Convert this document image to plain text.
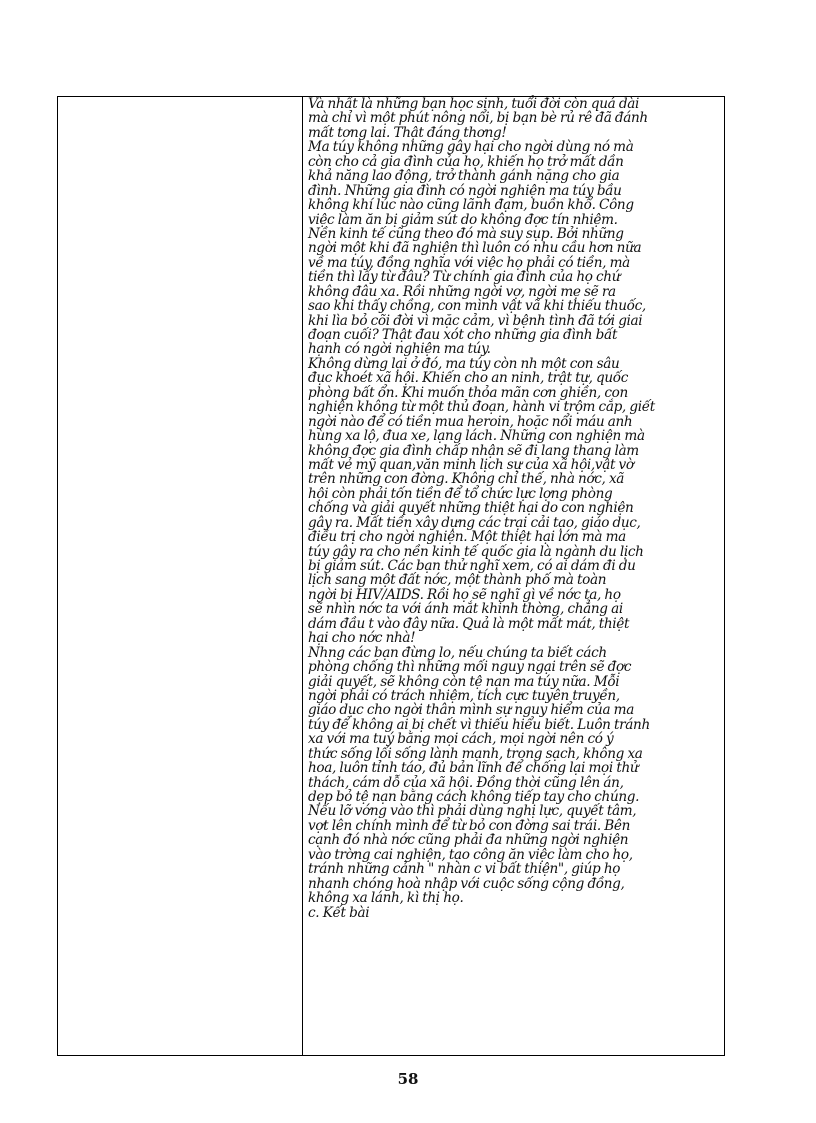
Và nhất là những bạn học sinh, tuổi đời còn quá dài
mà chỉ vì một phút nông nổi, bị bạn bè rủ rê đã đánh
mất tơng lai. Thật đáng thơng!
Ma túy không những gây hại cho ngời dùng nó mà
còn cho cả gia đình của họ, khiến họ trở mất dần
khả năng lao động, trở thành gánh nặng cho gia
đình. Những gia đình có ngời nghiện ma túy bầu
không khí lúc nào cũng lãnh đạm, buồn khổ. Công
việc làm ăn bị giảm sút do không đợc tín nhiệm.
Nền kinh tế cũng theo đó mà suy sụp. Bởi những
ngời một khi đã nghiện thì luôn có nhu cầu hơn nữa
về ma túy, đồng nghĩa với việc họ phải có tiền, mà
tiền thì lấy từ đâu? Từ chính gia đình của họ chứ
không đâu xa. Rồi những ngời vợ, ngời mẹ sẽ ra
sao khi thấy chồng, con mình vật vã khi thiếu thuốc,
khi lìa bỏ cõi đời vì mặc cảm, vì bệnh tình đã tới giai
đoạn cuối? Thật đau xót cho những gia đình bất
hạnh có ngời nghiện ma túy.
Không dừng lại ở đó, ma túy còn nh một con sâu
đục khoét xã hội. Khiến cho an ninh, trật tự, quốc
phòng bất ổn. Khi muốn thỏa mãn cơn ghiền, con
nghiện không từ một thủ đoạn, hành vi trộm cắp, giết
ngời nào để có tiền mua heroin, hoặc nổi máu anh
hùng xa lộ, đua xe, lạng lách. Những con nghiện mà
không đợc gia đình chấp nhận sẽ đi lang thang làm
mất vẻ mỹ quan,văn minh lịch sự của xã hội,vật vờ
trên những con đờng. Không chỉ thế, nhà nớc, xã
hội còn phải tốn tiền để tổ chức lực lợng phòng
chống và giải quyết những thiệt hại do con nghiện
gây ra. Mất tiền xây dựng các trại cải tạo, giáo dục,
điều trị cho ngời nghiện. Một thiệt hại lớn mà ma
túy gây ra cho nền kinh tế quốc gia là ngành du lịch
bị giảm sút. Các bạn thử nghĩ xem, có ai dám đi du
lịch sang một đất nớc, một thành phố mà toàn
ngời bị HIV/AIDS. Rồi họ sẽ nghĩ gì về nớc ta, họ
sẽ nhìn nớc ta với ánh mắt khinh thờng, chẳng ai
dám đầu t vào đây nữa. Quả là một mất mát, thiệt
hại cho nớc nhà!
Nhng các bạn đừng lo, nếu chúng ta biết cách
phòng chống thì những mối nguy ngại trên sẽ đợc
giải quyết, sẽ không còn tệ nạn ma túy nữa. Mỗi
ngời phải có trách nhiệm, tích cực tuyên truyền,
giáo dục cho ngời thân mình sự nguy hiểm của ma
túy để không ai bị chết vì thiếu hiểu biết. Luôn tránh
xa với ma tuý bằng mọi cách, mọi ngời nên có ý
thức sống lối sống lành mạnh, trong sạch, không xa
hoa, luôn tỉnh táo, đủ bản lĩnh để chống lại mọi thử
thách, cám dỗ của xã hội. Đồng thời cũng lên án,
dẹp bỏ tệ nạn bằng cách không tiếp tay cho chúng.
Nếu lỡ vớng vào thì phải dùng nghị lực, quyết tâm,
vợt lên chính mình để từ bỏ con đờng sai trái. Bên
cạnh đó nhà nớc cũng phải đa những ngời nghiện
vào trờng cai nghiện, tạo công ăn việc làm cho họ,
tránh những cảnh " nhàn c vi bất thiện", giúp họ
nhanh chóng hoà nhập với cuộc sống cộng đồng,
không xa lánh, kì thị họ.
c. Kết bài
58
